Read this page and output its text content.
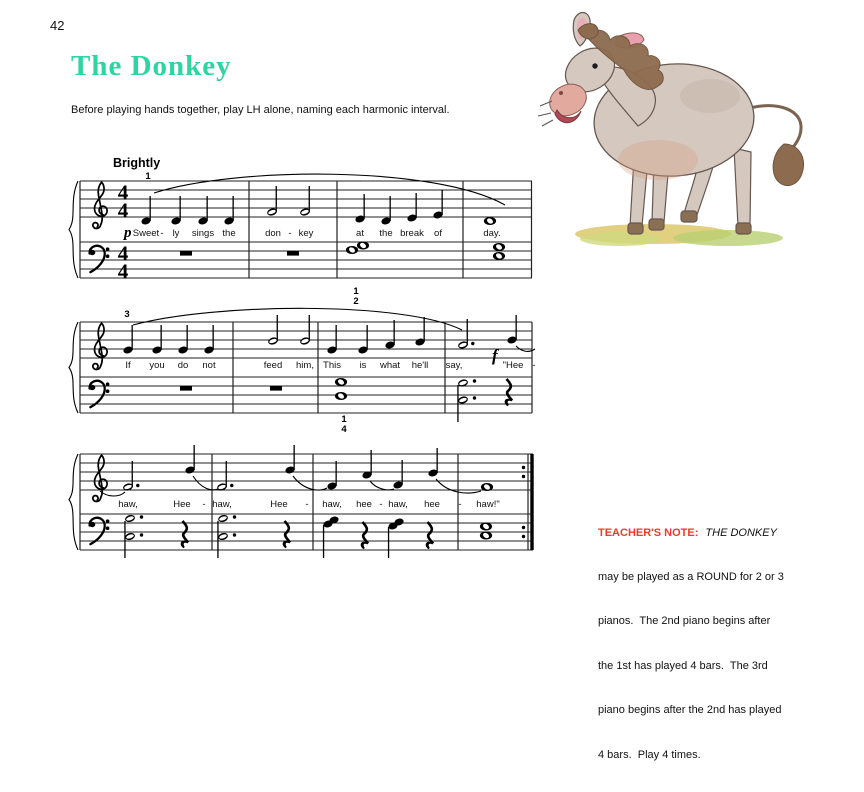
42
The Donkey
Before playing hands together, play LH alone, naming each harmonic interval.
4
4
4
4
Brightly
1
p Sweet - ly sings the	don - key	at the break of	day.
1
2
3
If you do not	feed him, This is what he'll say,	"Hee -
f
1
4
haw,	Hee - haw,	Hee - haw, hee - haw, hee - haw!"

TEACHER'S NOTE: THE DONKEY

may be played as a ROUND for 2 or 3

pianos.  The 2nd piano begins after

the 1st has played 4 bars.  The 3rd

piano begins after the 2nd has played

4 bars.  Play 4 times.
